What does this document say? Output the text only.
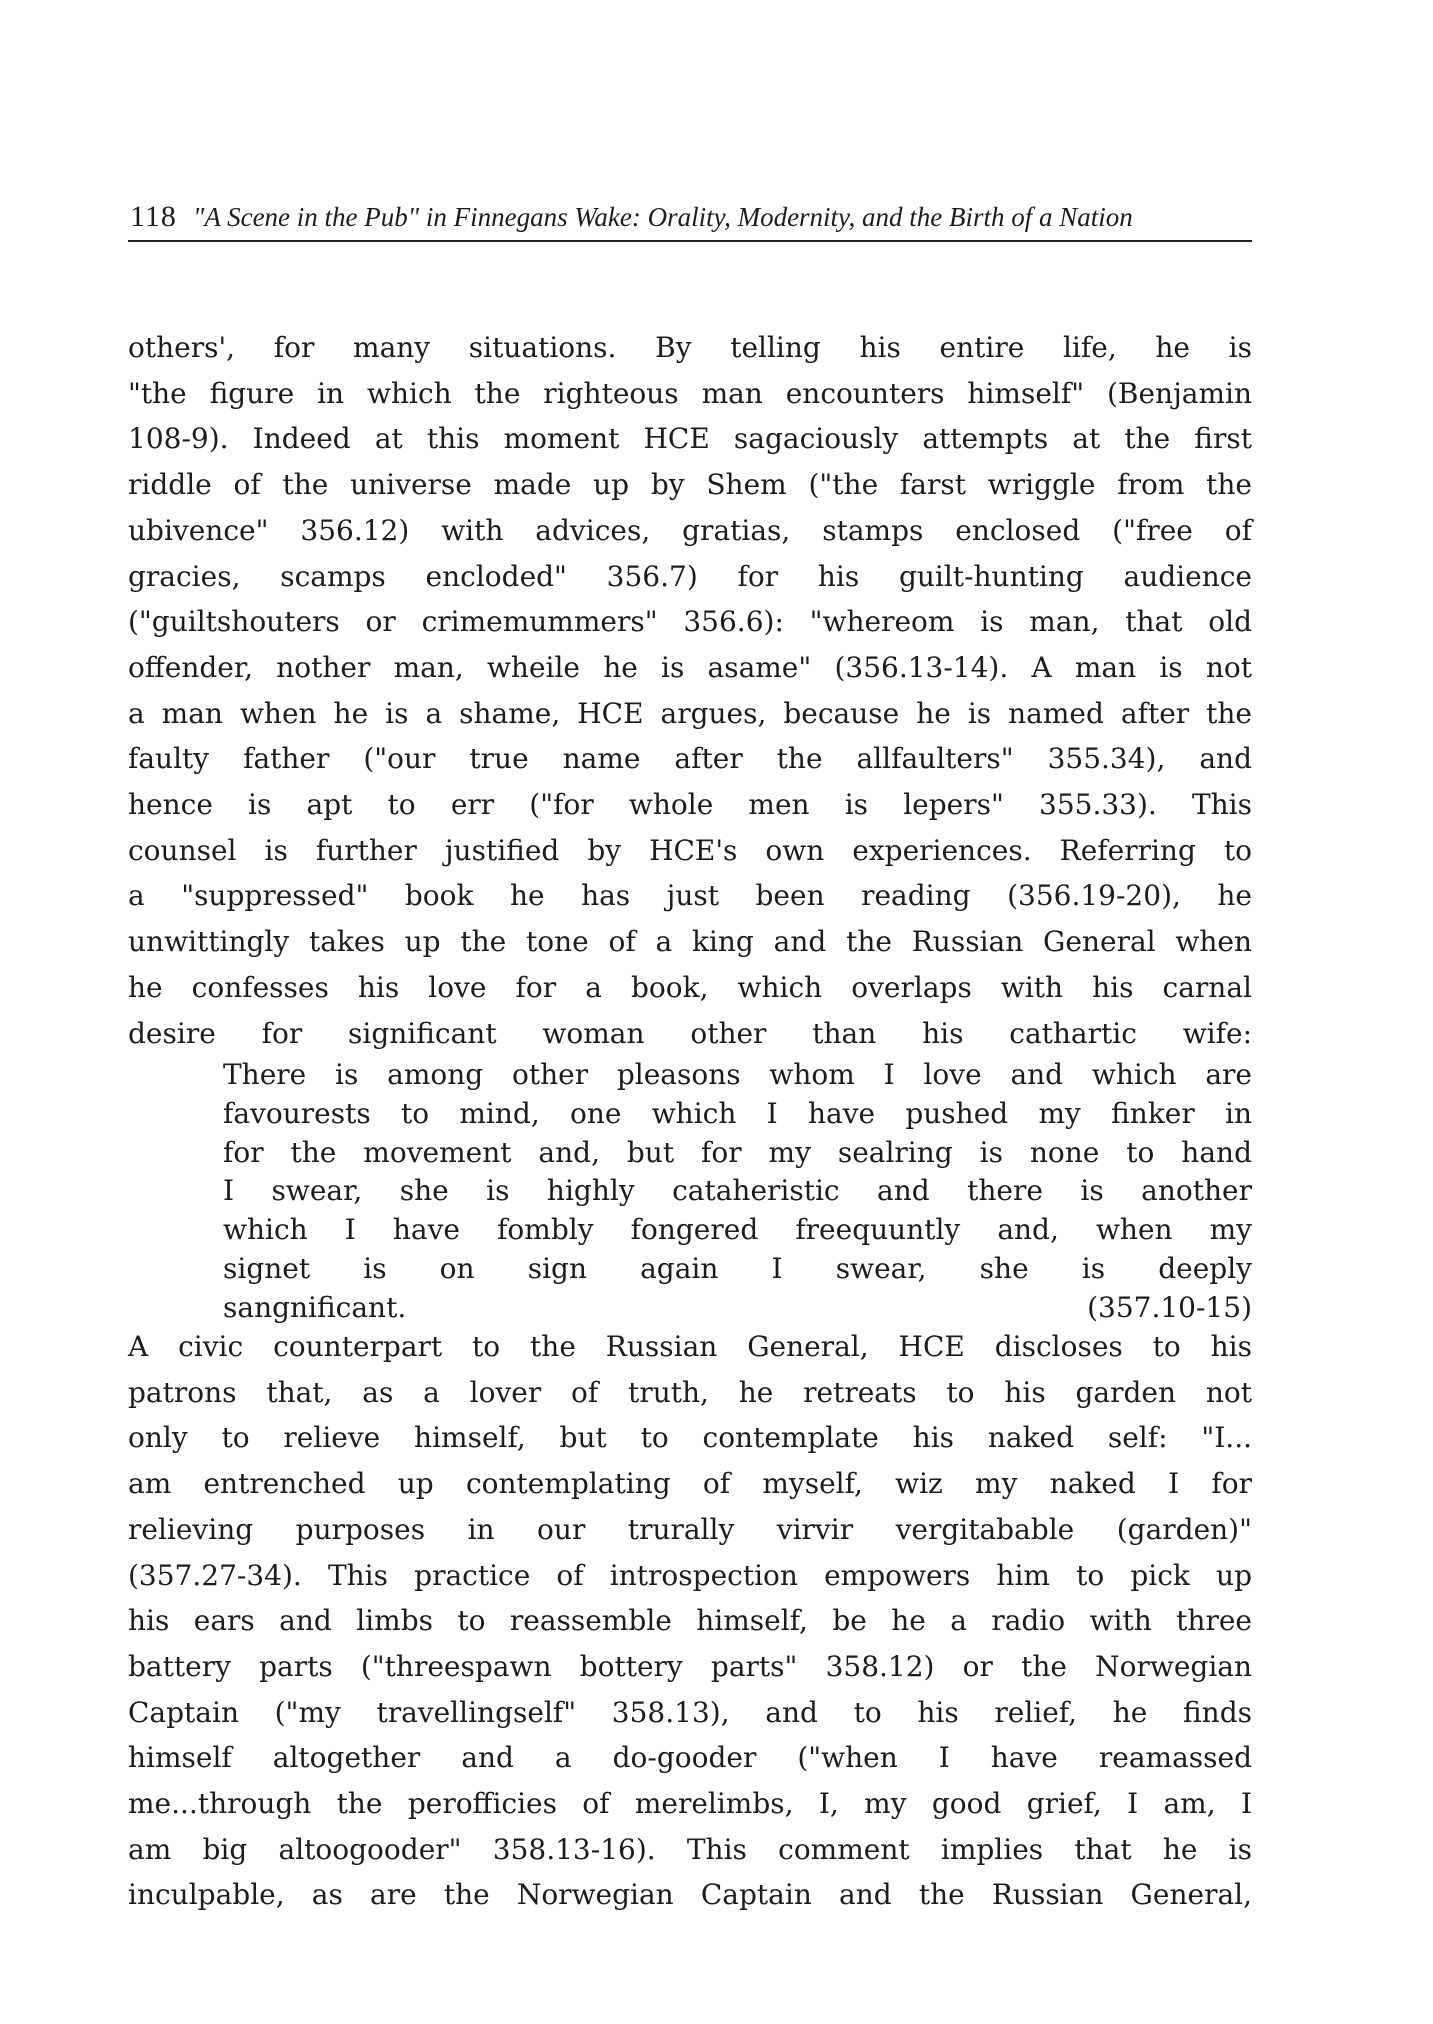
118 "A Scene in the Pub" in Finnegans Wake: Orality, Modernity, and the Birth of a Nation
others', for many situations. By telling his entire life, he is
"the figure in which the righteous man encounters himself" (Benjamin
108-9). Indeed at this moment HCE sagaciously attempts at the first
riddle of the universe made up by Shem ("the farst wriggle from the
ubivence" 356.12) with advices, gratias, stamps enclosed ("free of
gracies, scamps encloded" 356.7) for his guilt-hunting audience
("guiltshouters or crimemummers" 356.6): "whereom is man, that old
offender, nother man, wheile he is asame" (356.13-14). A man is not
a man when he is a shame, HCE argues, because he is named after the
faulty father ("our true name after the allfaulters" 355.34), and
hence is apt to err ("for whole men is lepers" 355.33). This
counsel is further justified by HCE's own experiences. Referring to
a "suppressed" book he has just been reading (356.19-20), he
unwittingly takes up the tone of a king and the Russian General when
he confesses his love for a book, which overlaps with his carnal
desire for significant woman other than his cathartic wife:
There is among other pleasons whom I love and which are
favourests to mind, one which I have pushed my finker in
for the movement and, but for my sealring is none to hand
I swear, she is highly cataheristic and there is another
which I have fombly fongered freequuntly and, when my
signet is on sign again I swear, she is deeply
sangnificant.	(357.10-15)
A civic counterpart to the Russian General, HCE discloses to his
patrons that, as a lover of truth, he retreats to his garden not
only to relieve himself, but to contemplate his naked self: "I...
am entrenched up contemplating of myself, wiz my naked I for
relieving purposes in our trurally virvir vergitabable (garden)"
(357.27-34). This practice of introspection empowers him to pick up
his ears and limbs to reassemble himself, be he a radio with three
battery parts ("threespawn bottery parts" 358.12) or the Norwegian
Captain ("my travellingself" 358.13), and to his relief, he finds
himself altogether and a do-gooder ("when I have reamassed
me...through the perofficies of merelimbs, I, my good grief, I am, I
am big altoogooder" 358.13-16). This comment implies that he is
inculpable, as are the Norwegian Captain and the Russian General,
